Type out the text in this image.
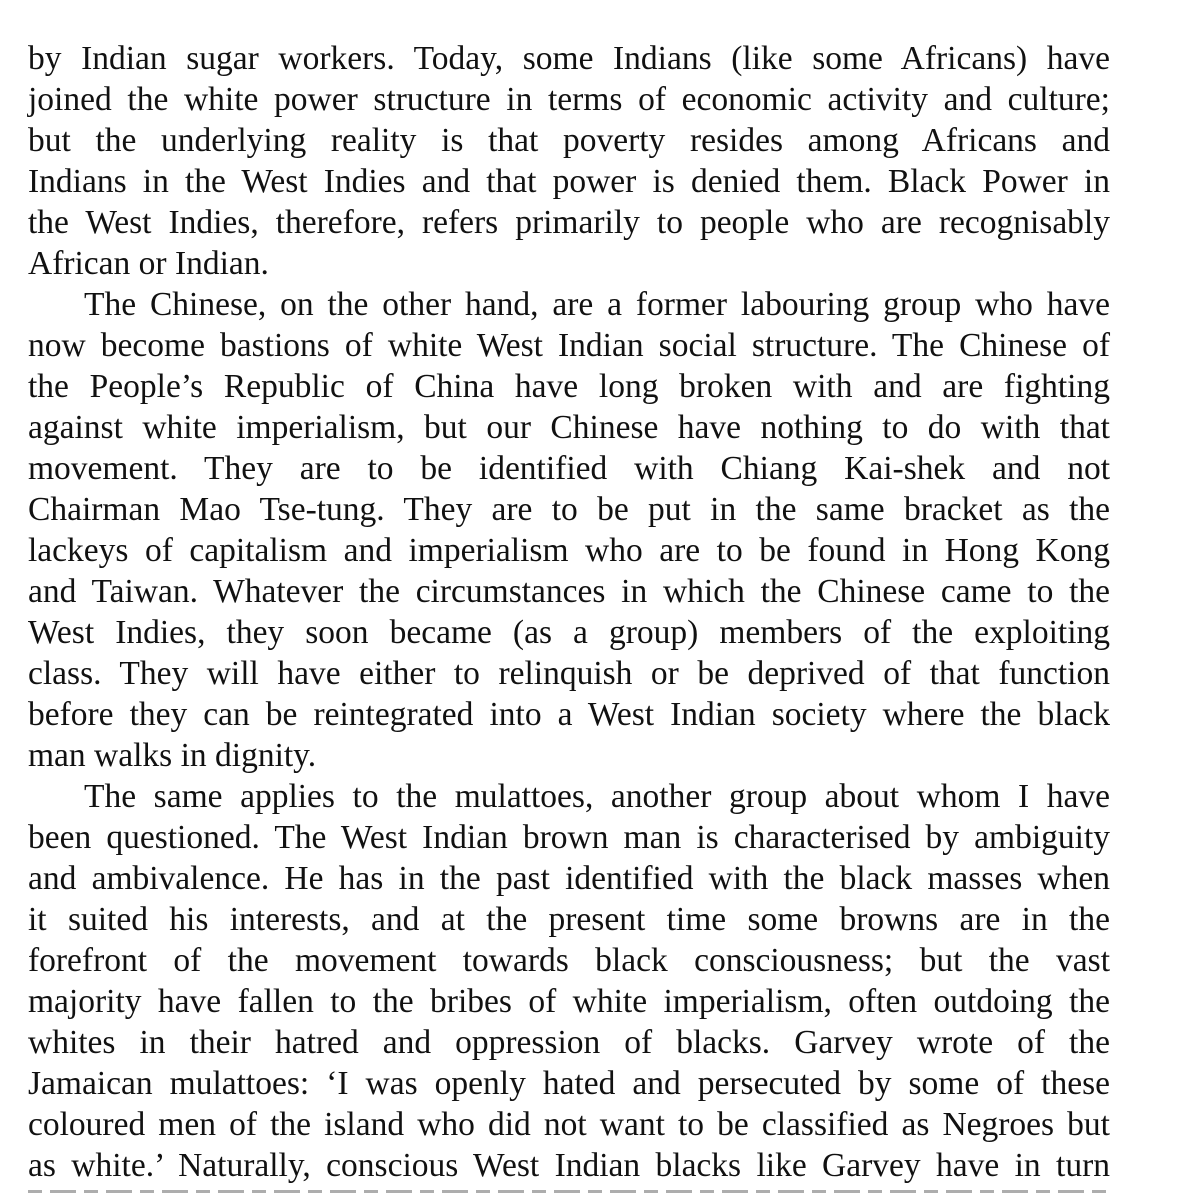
by Indian sugar workers. Today, some Indians (like some Africans) have
joined the white power structure in terms of economic activity and culture;
but the underlying reality is that poverty resides among Africans and
Indians in the West Indies and that power is denied them. Black Power in
the West Indies, therefore, refers primarily to people who are recognisably
African or Indian.

The Chinese, on the other hand, are a former labouring group who have
now become bastions of white West Indian social structure. The Chinese of
the People’s Republic of China have long broken with and are fighting
against white imperialism, but our Chinese have nothing to do with that
movement. They are to be identified with Chiang Kai-shek and not
Chairman Mao Tse-tung. They are to be put in the same bracket as the
lackeys of capitalism and imperialism who are to be found in Hong Kong
and Taiwan. Whatever the circumstances in which the Chinese came to the
West Indies, they soon became (as a group) members of the exploiting
class. They will have either to relinquish or be deprived of that function
before they can be reintegrated into a West Indian society where the black
man walks in dignity.

The same applies to the mulattoes, another group about whom I have
been questioned. The West Indian brown man is characterised by ambiguity
and ambivalence. He has in the past identified with the black masses when
it suited his interests, and at the present time some browns are in the
forefront of the movement towards black consciousness; but the vast
majority have fallen to the bribes of white imperialism, often outdoing the
whites in their hatred and oppression of blacks. Garvey wrote of the
Jamaican mulattoes: ‘I was openly hated and persecuted by some of these
coloured men of the island who did not want to be classified as Negroes but
as white.’ Naturally, conscious West Indian blacks like Garvey have in turn
